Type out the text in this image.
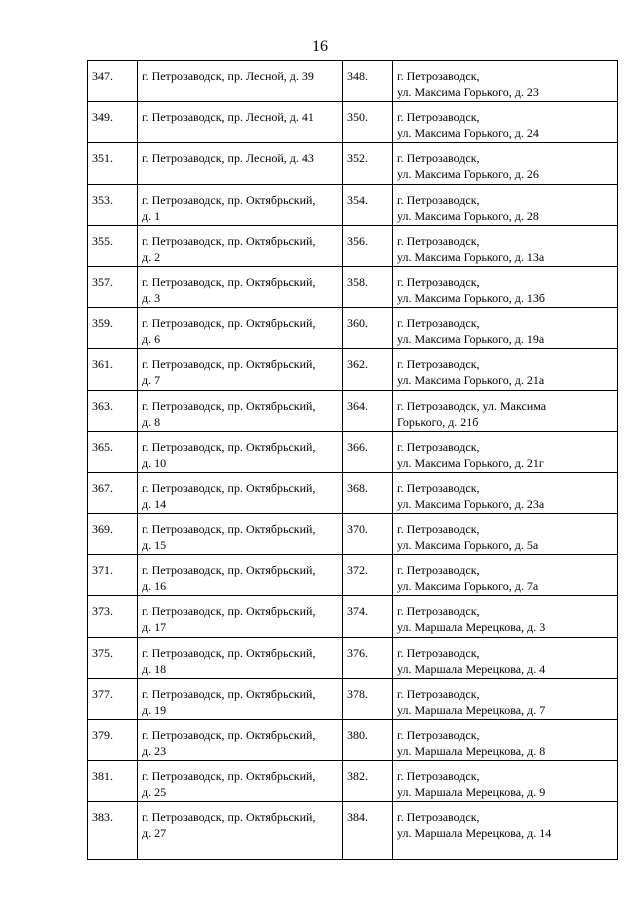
16
347.	г. Петрозаводск, пр. Лесной, д. 39	348.	г. Петрозаводск,
ул. Максима Горького, д. 23

349.	г. Петрозаводск, пр. Лесной, д. 41	350.	г. Петрозаводск,
ул. Максима Горького, д. 24

351.	г. Петрозаводск, пр. Лесной, д. 43	352.	г. Петрозаводск,
ул. Максима Горького, д. 26

353.	г. Петрозаводск, пр. Октябрьский,
д. 1	354.	г. Петрозаводск,
ул. Максима Горького, д. 28

355.	г. Петрозаводск, пр. Октябрьский,
д. 2	356.	г. Петрозаводск,
ул. Максима Горького, д. 13а

357.	г. Петрозаводск, пр. Октябрьский,
д. 3	358.	г. Петрозаводск,
ул. Максима Горького, д. 13б

359.	г. Петрозаводск, пр. Октябрьский,
д. 6	360.	г. Петрозаводск,
ул. Максима Горького, д. 19а

361.	г. Петрозаводск, пр. Октябрьский,
д. 7	362.	г. Петрозаводск,
ул. Максима Горького, д. 21а

363.	г. Петрозаводск, пр. Октябрьский,
д. 8	364.	г. Петрозаводск, ул. Максима
Горького, д. 21б

365.	г. Петрозаводск, пр. Октябрьский,
д. 10	366.	г. Петрозаводск,
ул. Максима Горького, д. 21г

367.	г. Петрозаводск, пр. Октябрьский,
д. 14	368.	г. Петрозаводск,
ул. Максима Горького, д. 23а

369.	г. Петрозаводск, пр. Октябрьский,
д. 15	370.	г. Петрозаводск,
ул. Максима Горького, д. 5а

371.	г. Петрозаводск, пр. Октябрьский,
д. 16	372.	г. Петрозаводск,
ул. Максима Горького, д. 7а

373.	г. Петрозаводск, пр. Октябрьский,
д. 17	374.	г. Петрозаводск,
ул. Маршала Мерецкова, д. 3

375.	г. Петрозаводск, пр. Октябрьский,
д. 18	376.	г. Петрозаводск,
ул. Маршала Мерецкова, д. 4

377.	г. Петрозаводск, пр. Октябрьский,
д. 19	378.	г. Петрозаводск,
ул. Маршала Мерецкова, д. 7

379.	г. Петрозаводск, пр. Октябрьский,
д. 23	380.	г. Петрозаводск,
ул. Маршала Мерецкова, д. 8

381.	г. Петрозаводск, пр. Октябрьский,
д. 25	382.	г. Петрозаводск,
ул. Маршала Мерецкова, д. 9

383.	г. Петрозаводск, пр. Октябрьский,
д. 27	384.	г. Петрозаводск,
ул. Маршала Мерецкова, д. 14
